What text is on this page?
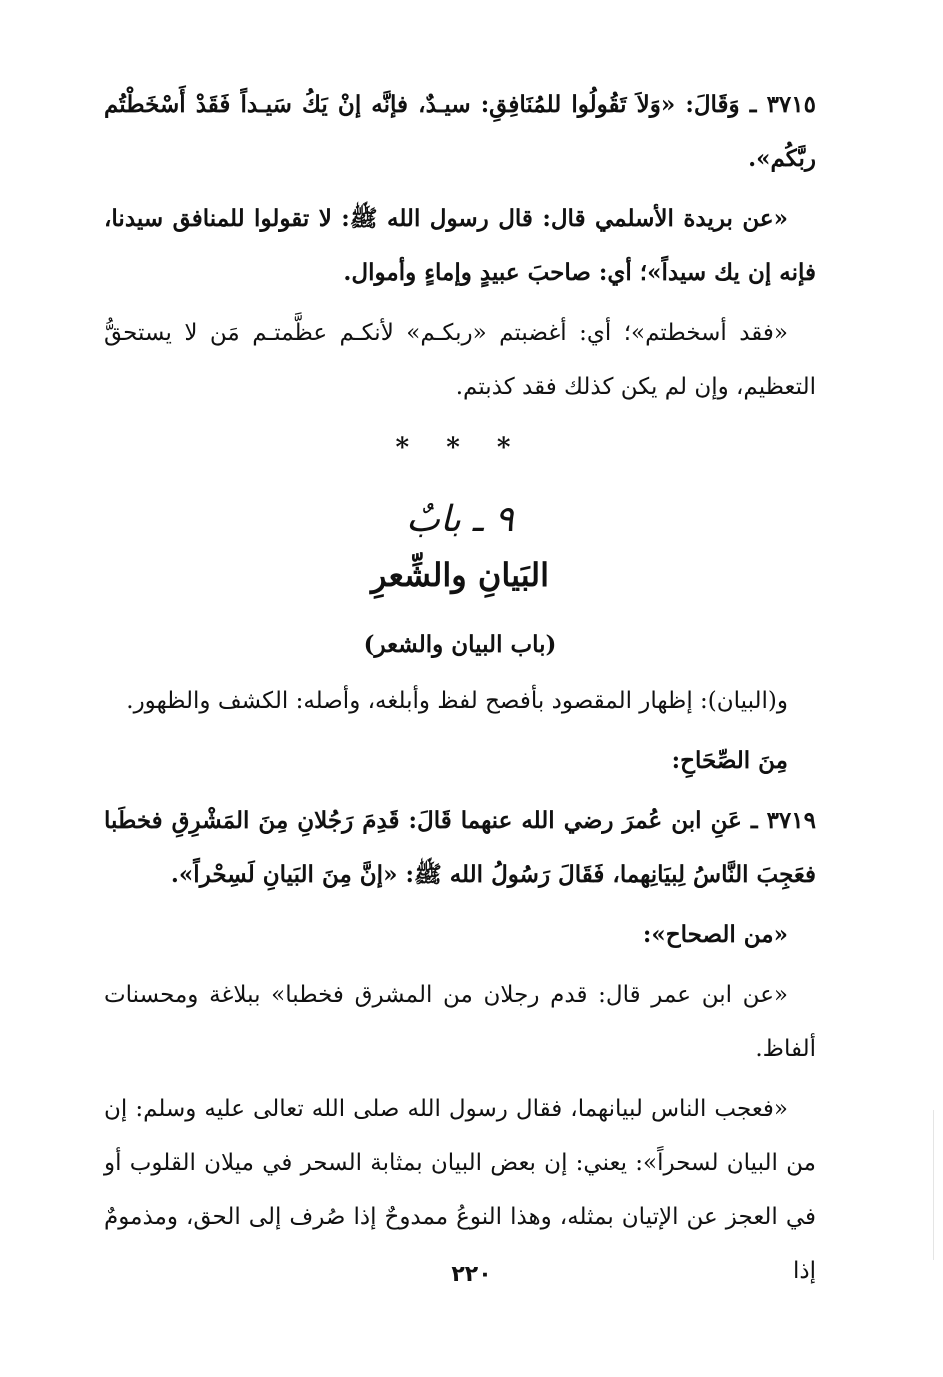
٣٧١٥ ـ وَقَالَ: «وَلاَ تَقُولُوا للمُنَافِقِ: سيـدٌ، فإنَّه إنْ يَكُ سَيـداً فَقَدْ أَسْخَطْتُم ربَّكُم».

«عن بريدة الأسلمي قال: قال رسول الله ﷺ: لا تقولوا للمنافق سيدنا، فإنه إن يك سيداً»؛ أي: صاحبَ عبيدٍ وإماءٍ وأموال.

«فقد أسخطتم»؛ أي: أغضبتم «ربكـم» لأنكـم عظَّمتـم مَن لا يستحقُّ التعظيم، وإن لم يكن كذلك فقد كذبتم.

* * *
٩ ـ بابٌ
البَيانِ والشِّعرِ
(باب البيان والشعر)

و(البيان): إظهار المقصود بأفصح لفظ وأبلغه، وأصله: الكشف والظهور.

مِنَ الصِّحَاحِ:

٣٧١٩ ـ عَنِ ابن عُمرَ رضي الله عنهما قَالَ: قَدِمَ رَجُلانِ مِنَ المَشْرِقِ فخطَبا فعَجِبَ النَّاسُ لِبيَانِهما، فَقَالَ رَسُولُ الله ﷺ: «إنَّ مِنَ البَيانِ لَسِحْراً».

«من الصحاح»:

«عن ابن عمر قال: قدم رجلان من المشرق فخطبا» ببلاغة ومحسنات ألفاظ.

«فعجب الناس لبيانهما، فقال رسول الله صلى الله تعالى عليه وسلم: إن من البيان لسحراً»: يعني: إن بعض البيان بمثابة السحر في ميلان القلوب أو في العجز عن الإتيان بمثله، وهذا النوعُ ممدوحٌ إذا صُرف إلى الحق، ومذمومٌ إذا

٢٢٠
